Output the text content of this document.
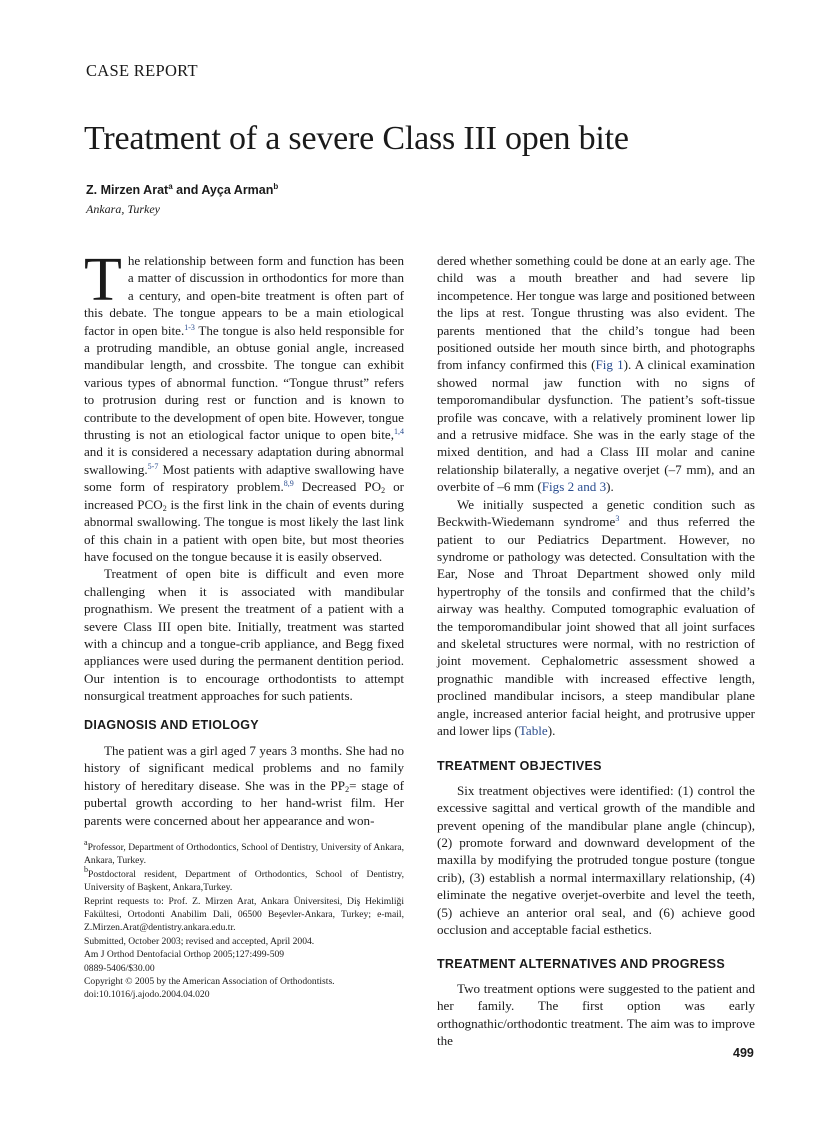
CASE REPORT
Treatment of a severe Class III open bite
Z. Mirzen Arat$^a$ and Ayça Arman$^b$
Ankara, Turkey

The relationship between form and function has been a matter of discussion in orthodontics for more than a century, and open-bite treatment is often part of this debate. The tongue appears to be a main etiological factor in open bite.$^{1-3}$ The tongue is also held responsible for a protruding mandible, an obtuse gonial angle, increased mandibular length, and crossbite. The tongue can exhibit various types of abnormal function. “Tongue thrust” refers to protrusion during rest or function and is known to contribute to the development of open bite. However, tongue thrusting is not an etiological factor unique to open bite,$^{1,4}$ and it is considered a necessary adaptation during abnormal swallowing.$^{5-7}$ Most patients with adaptive swallowing have some form of respiratory problem.$^{8,9}$ Decreased $PO_2$ or increased $PCO_2$ is the first link in the chain of events during abnormal swallowing. The tongue is most likely the last link of this chain in a patient with open bite, but most theories have focused on the tongue because it is easily observed.

Treatment of open bite is difficult and even more challenging when it is associated with mandibular prognathism. We present the treatment of a patient with a severe Class III open bite. Initially, treatment was started with a chincup and a tongue-crib appliance, and Begg fixed appliances were used during the permanent dentition period. Our intention is to encourage orthodontists to attempt nonsurgical treatment approaches for such patients.

DIAGNOSIS AND ETIOLOGY

The patient was a girl aged 7 years 3 months. She had no history of significant medical problems and no family history of hereditary disease. She was in the $PP_2=$ stage of pubertal growth according to her hand-wrist film. Her parents were concerned about her appearance and won-

$^a$Professor, Department of Orthodontics, School of Dentistry, University of Ankara, Ankara, Turkey.

$^b$Postdoctoral resident, Department of Orthodontics, School of Dentistry, University of Başkent, Ankara,Turkey.

Reprint requests to: Prof. Z. Mirzen Arat, Ankara Üniversitesi, Diş Hekimliği Fakültesi, Ortodonti Anabilim Dali, 06500 Beşevler-Ankara, Turkey; e-mail, Z.Mirzen.Arat@dentistry.ankara.edu.tr.

Submitted, October 2003; revised and accepted, April 2004.

Am J Orthod Dentofacial Orthop 2005;127:499-509

0889-5406/$30.00

Copyright © 2005 by the American Association of Orthodontists.

doi:10.1016/j.ajodo.2004.04.020

dered whether something could be done at an early age. The child was a mouth breather and had severe lip incompetence. Her tongue was large and positioned between the lips at rest. Tongue thrusting was also evident. The parents mentioned that the child’s tongue had been positioned outside her mouth since birth, and photographs from infancy confirmed this (Fig 1). A clinical examination showed normal jaw function with no signs of temporomandibular dysfunction. The patient’s soft-tissue profile was concave, with a relatively prominent lower lip and a retrusive midface. She was in the early stage of the mixed dentition, and had a Class III molar and canine relationship bilaterally, a negative overjet (–7 mm), and an overbite of –6 mm (Figs 2 and 3).

We initially suspected a genetic condition such as Beckwith-Wiedemann syndrome$^3$ and thus referred the patient to our Pediatrics Department. However, no syndrome or pathology was detected. Consultation with the Ear, Nose and Throat Department showed only mild hypertrophy of the tonsils and confirmed that the child’s airway was healthy. Computed tomographic evaluation of the temporomandibular joint showed that all joint surfaces and skeletal structures were normal, with no restriction of joint movement. Cephalometric assessment showed a prognathic mandible with increased effective length, proclined mandibular incisors, a steep mandibular plane angle, increased anterior facial height, and protrusive upper and lower lips (Table).

TREATMENT OBJECTIVES

Six treatment objectives were identified: (1) control the excessive sagittal and vertical growth of the mandible and prevent opening of the mandibular plane angle (chincup), (2) promote forward and downward development of the maxilla by modifying the protruded tongue posture (tongue crib), (3) establish a normal intermaxillary relationship, (4) eliminate the negative overjet-overbite and level the teeth, (5) achieve an anterior oral seal, and (6) achieve good occlusion and acceptable facial esthetics.

TREATMENT ALTERNATIVES AND PROGRESS

Two treatment options were suggested to the patient and her family. The first option was early orthognathic/orthodontic treatment. The aim was to improve the

499
